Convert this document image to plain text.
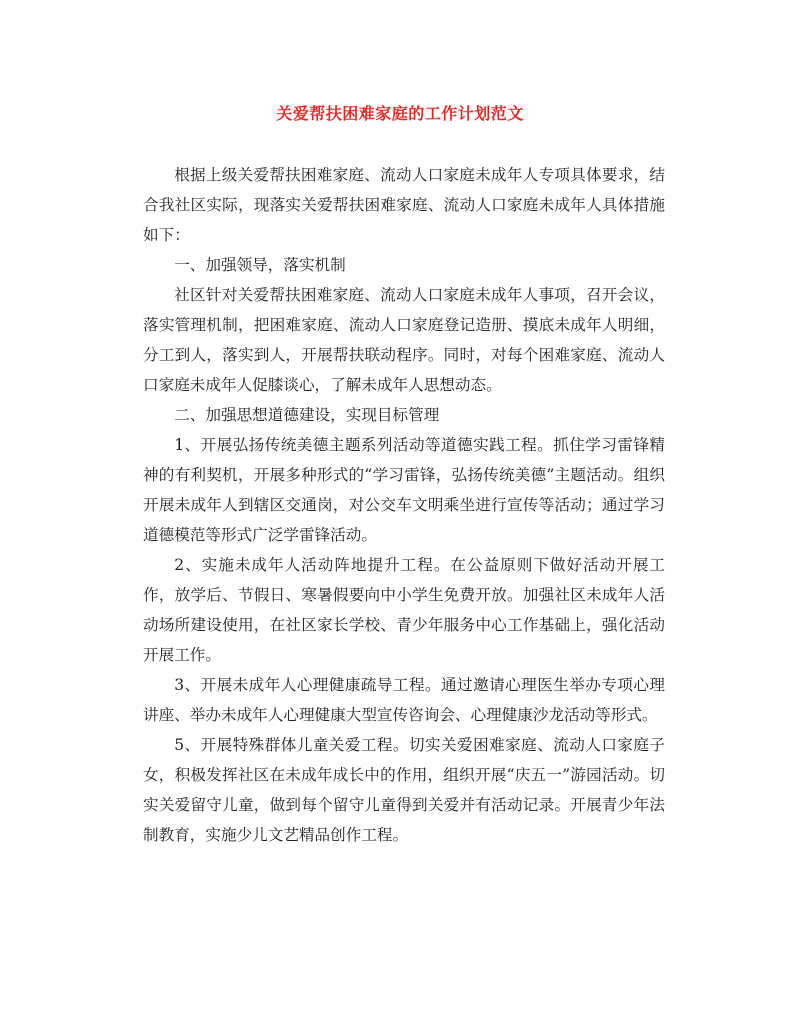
关爱帮扶困难家庭的工作计划范文

根据上级关爱帮扶困难家庭、流动人口家庭未成年人专项具体要求，结合我社区实际，现落实关爱帮扶困难家庭、流动人口家庭未成年人具体措施如下：

一、加强领导，落实机制

社区针对关爱帮扶困难家庭、流动人口家庭未成年人事项，召开会议，落实管理机制，把困难家庭、流动人口家庭登记造册、摸底未成年人明细，分工到人，落实到人，开展帮扶联动程序。同时，对每个困难家庭、流动人口家庭未成年人促膝谈心，了解未成年人思想动态。

二、加强思想道德建设，实现目标管理

1、开展弘扬传统美德主题系列活动等道德实践工程。抓住学习雷锋精神的有利契机，开展多种形式的“学习雷锋，弘扬传统美德”主题活动。组织开展未成年人到辖区交通岗，对公交车文明乘坐进行宣传等活动；通过学习道德模范等形式广泛学雷锋活动。

2、实施未成年人活动阵地提升工程。在公益原则下做好活动开展工作，放学后、节假日、寒暑假要向中小学生免费开放。加强社区未成年人活动场所建设使用，在社区家长学校、青少年服务中心工作基础上，强化活动开展工作。

3、开展未成年人心理健康疏导工程。通过邀请心理医生举办专项心理讲座、举办未成年人心理健康大型宣传咨询会、心理健康沙龙活动等形式。

5、开展特殊群体儿童关爱工程。切实关爱困难家庭、流动人口家庭子女，积极发挥社区在未成年成长中的作用，组织开展“庆五一”游园活动。切实关爱留守儿童，做到每个留守儿童得到关爱并有活动记录。开展青少年法制教育，实施少儿文艺精品创作工程。
